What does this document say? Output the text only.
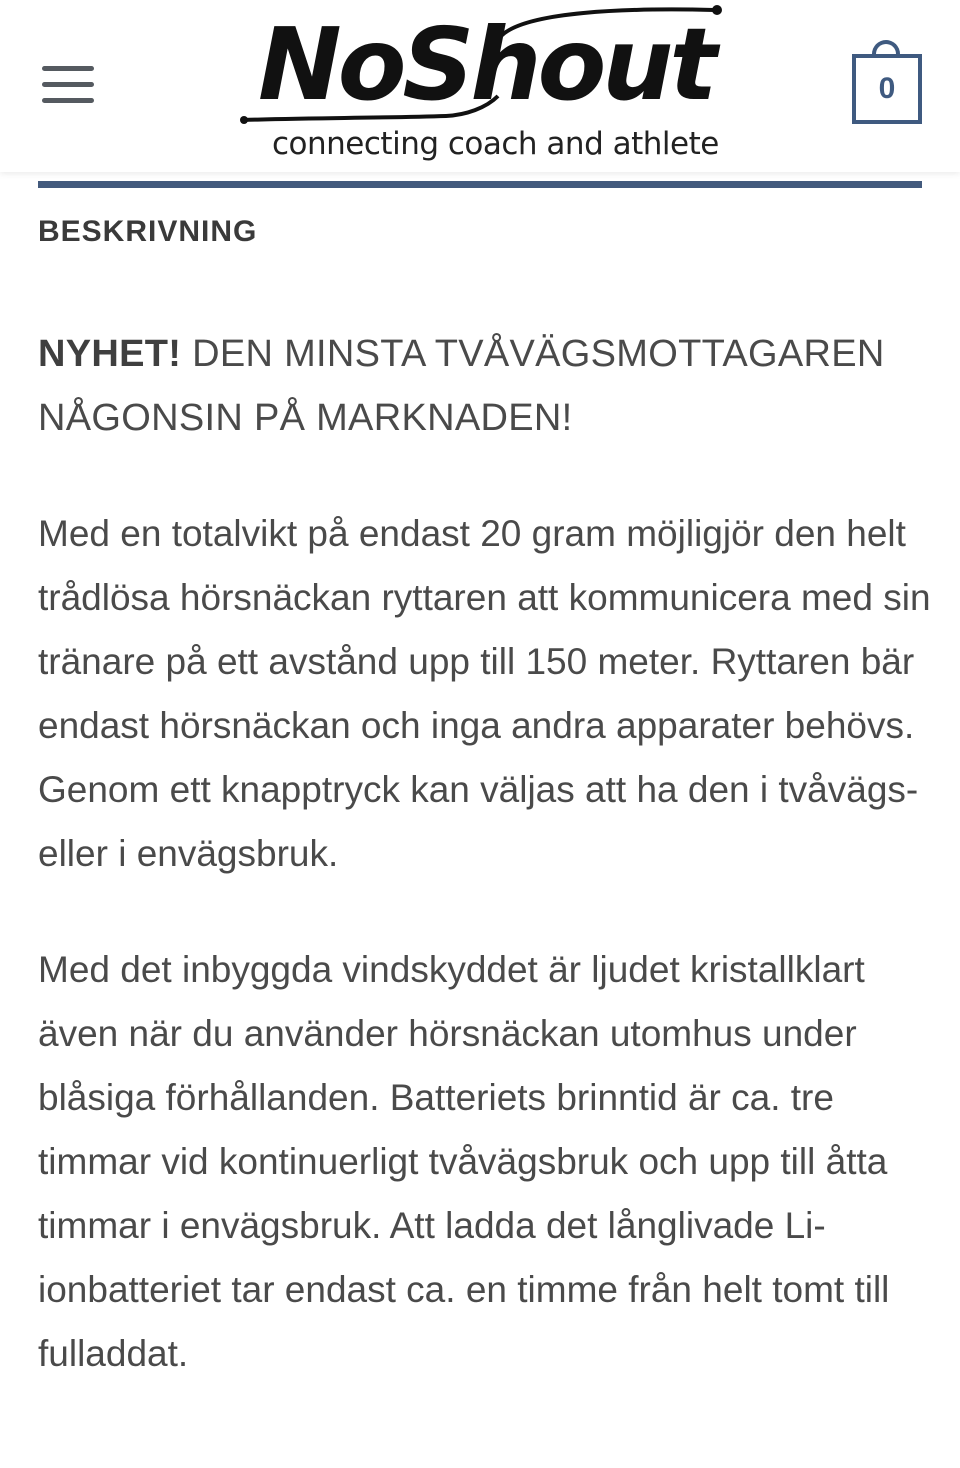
NoShout
connecting coach and athlete
0
BESKRIVNING
NYHET! DEN MINSTA TVÅVÄGSMOTTAGAREN NÅGONSIN PÅ MARKNADEN!

Med en totalvikt på endast 20 gram möjligjör den helt trådlösa hörsnäckan ryttaren att kommunicera med sin tränare på ett avstånd upp till 150 meter. Ryttaren bär endast hörsnäckan och inga andra apparater behövs. Genom ett knapptryck kan väljas att ha den i tvåvägs- eller i envägsbruk.

Med det inbyggda vindskyddet är ljudet kristallklart även när du använder hörsnäckan utomhus under blåsiga förhållanden. Batteriets brinntid är ca. tre timmar vid kontinuerligt tvåvägsbruk och upp till åtta timmar i envägsbruk. Att ladda det långlivade Li-ionbatteriet tar endast ca. en timme från helt tomt till fulladdat.
